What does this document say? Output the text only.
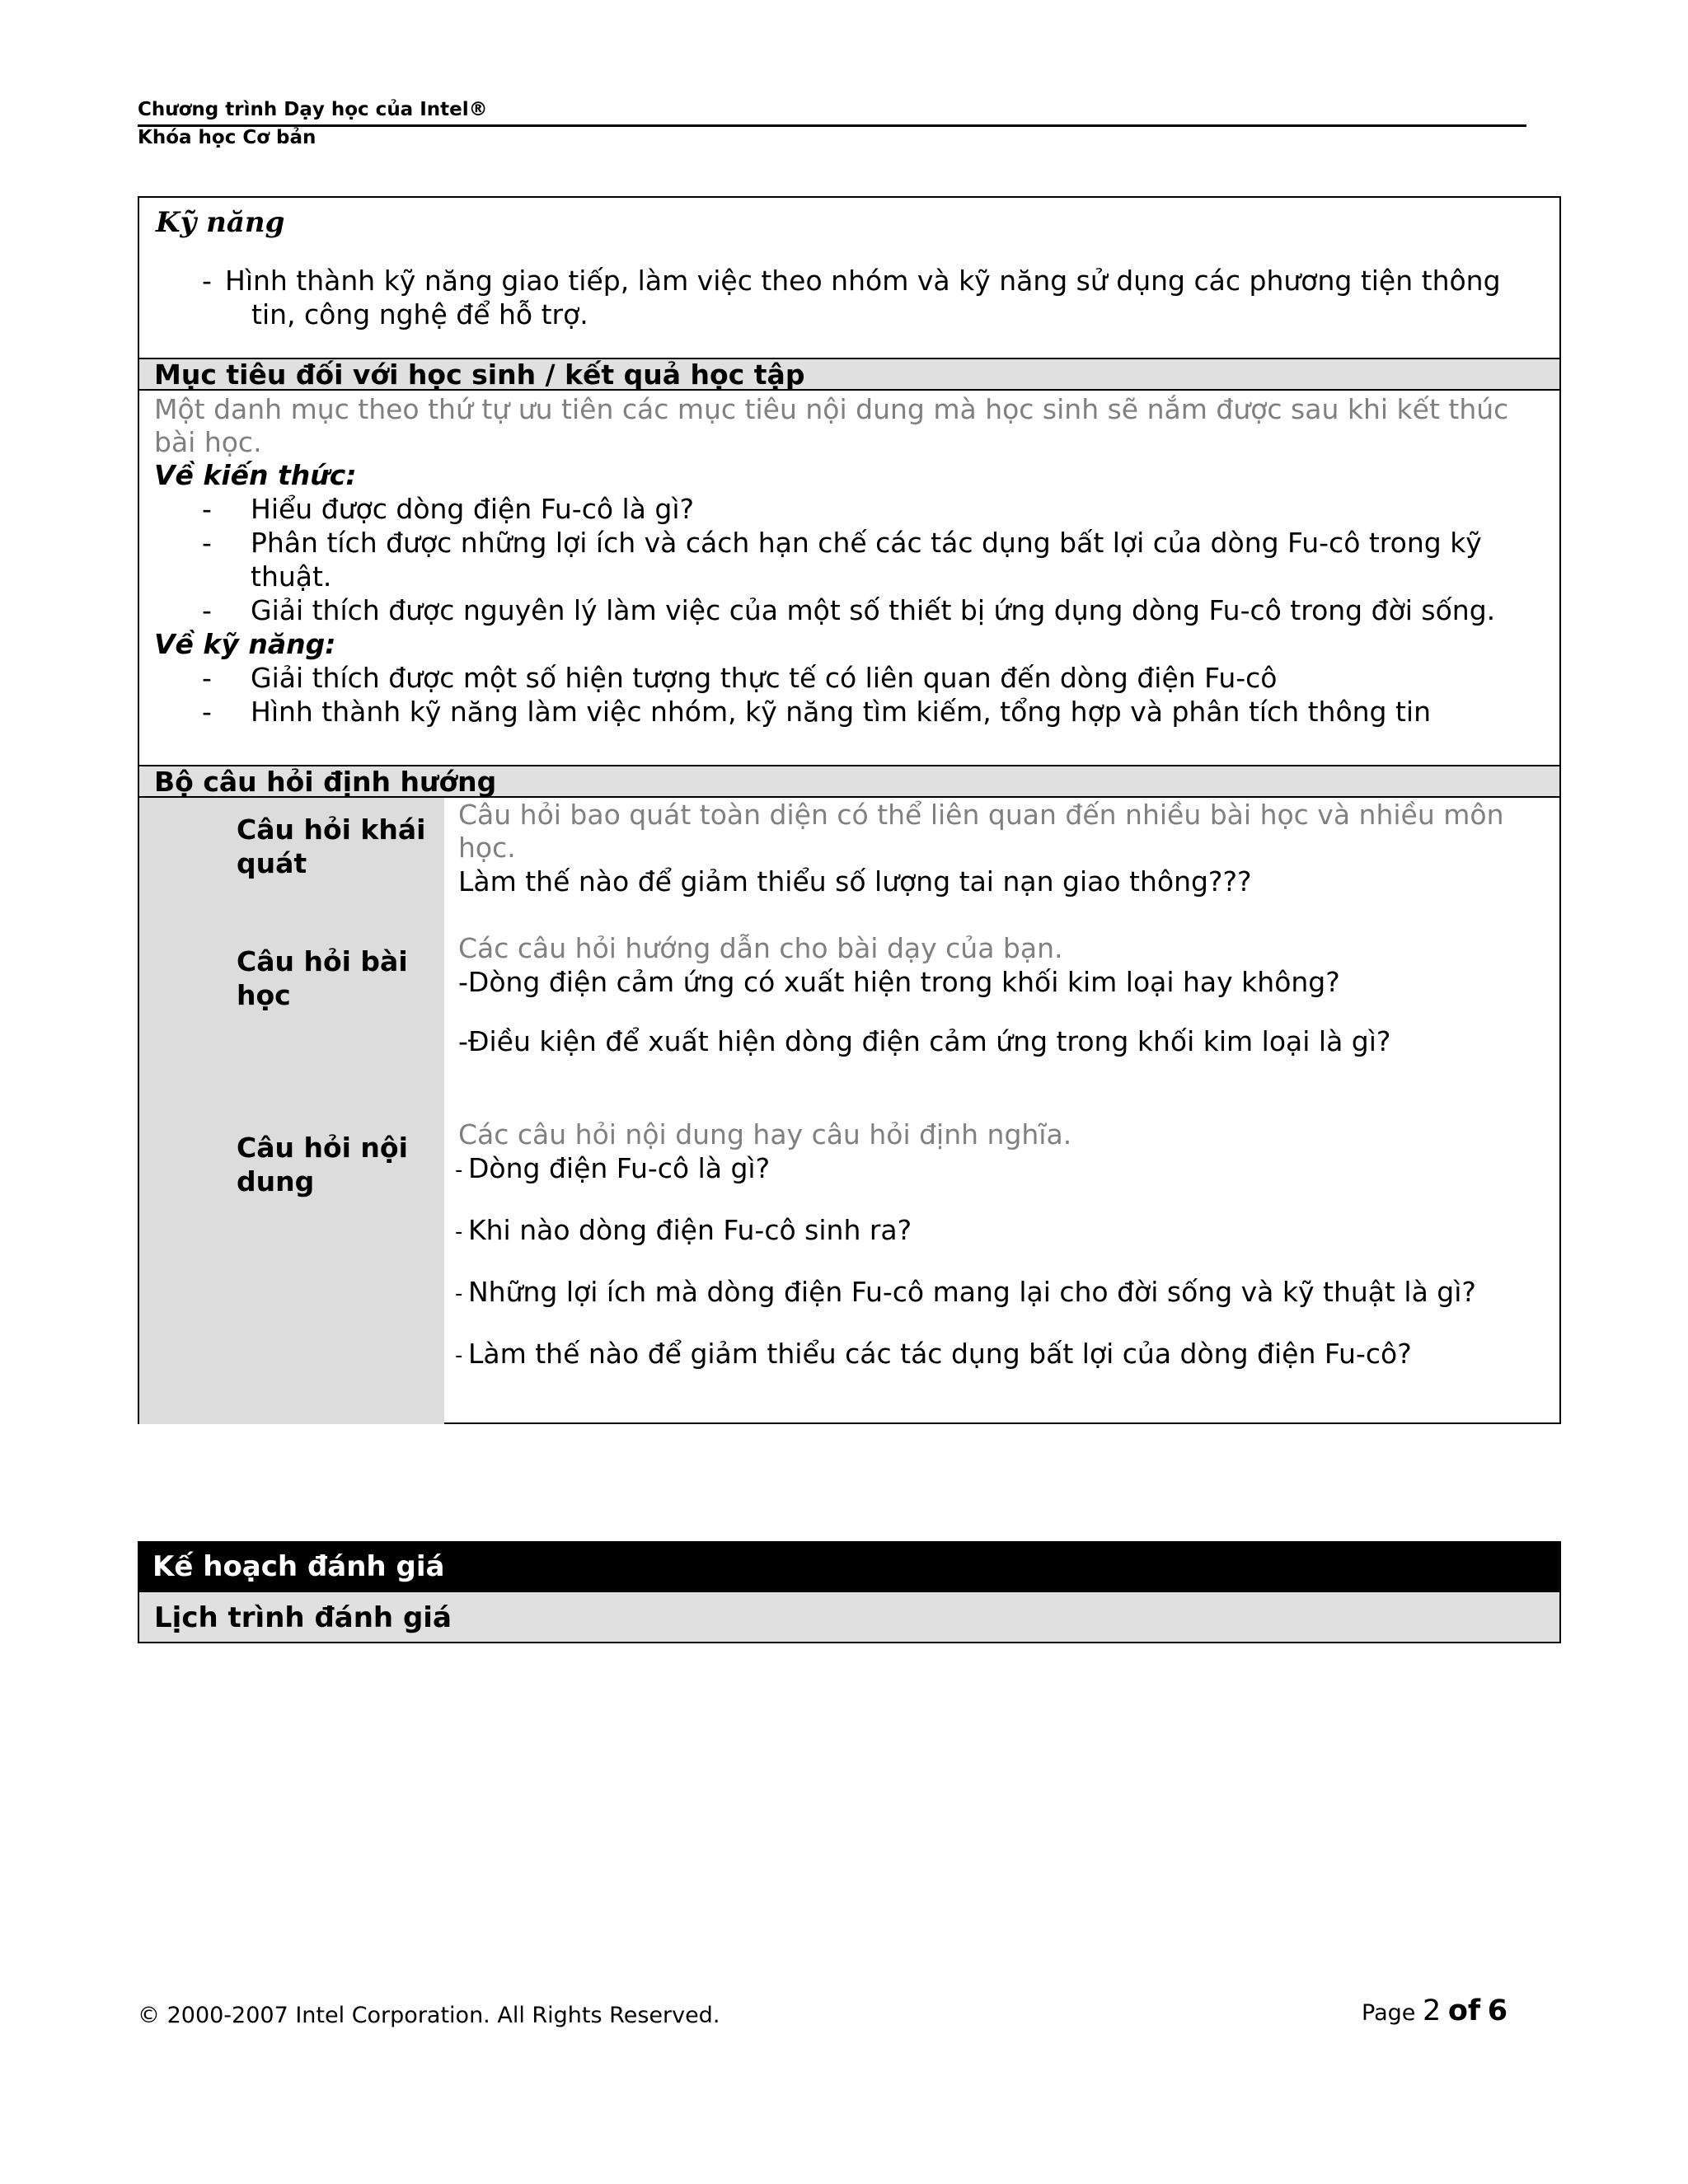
Chương trình Dạy học của Intel®
Khóa học Cơ bản
Kỹ năng
- Hình thành kỹ năng giao tiếp, làm việc theo nhóm và kỹ năng sử dụng các phương tiện thông
tin, công nghệ để hỗ trợ.
Mục tiêu đối với học sinh / kết quả học tập
Một danh mục theo thứ tự ưu tiên các mục tiêu nội dung mà học sinh sẽ nắm được sau khi kết thúc
bài học.
Về kiến thức:
- Hiểu được dòng điện Fu-cô là gì?
- Phân tích được những lợi ích và cách hạn chế các tác dụng bất lợi của dòng Fu-cô trong kỹ
thuật.
- Giải thích được nguyên lý làm việc của một số thiết bị ứng dụng dòng Fu-cô trong đời sống.
Về kỹ năng:
- Giải thích được một số hiện tượng thực tế có liên quan đến dòng điện Fu-cô
- Hình thành kỹ năng làm việc nhóm, kỹ năng tìm kiếm, tổng hợp và phân tích thông tin
Bộ câu hỏi định hướng
Câu hỏi khái
quát
Câu hỏi bao quát toàn diện có thể liên quan đến nhiều bài học và nhiều môn
học.
Làm thế nào để giảm thiểu số lượng tai nạn giao thông???
Câu hỏi bài
học
Các câu hỏi hướng dẫn cho bài dạy của bạn.
-Dòng điện cảm ứng có xuất hiện trong khối kim loại hay không?
-Điều kiện để xuất hiện dòng điện cảm ứng trong khối kim loại là gì?
Câu hỏi nội
dung
Các câu hỏi nội dung hay câu hỏi định nghĩa.
- Dòng điện Fu-cô là gì?
- Khi nào dòng điện Fu-cô sinh ra?
- Những lợi ích mà dòng điện Fu-cô mang lại cho đời sống và kỹ thuật là gì?
- Làm thế nào để giảm thiểu các tác dụng bất lợi của dòng điện Fu-cô?
Kế hoạch đánh giá
Lịch trình đánh giá
© 2000-2007 Intel Corporation. All Rights Reserved.	Page 2 of 6
